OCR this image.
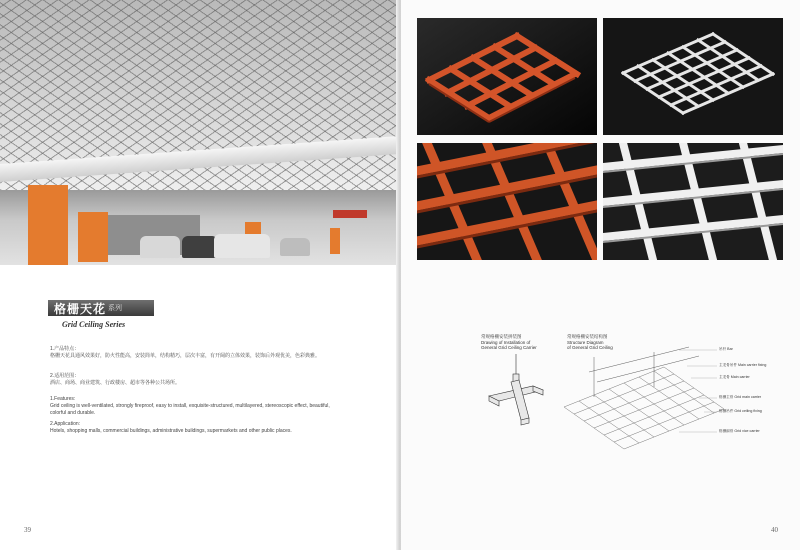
格栅天花 系列
Grid Ceiling Series

1.产品特点：

格栅天花具通风效果好，防火性能高，安装简单，结构精巧，层次丰富，有开阔的立体效果，装饰后外观优美，色彩典雅。

2.适用范围：

酒店、商场、商业建筑、行政楼房、超市等各种公共场所。

1.Features:

Grid ceiling is well-ventilated, strongly fireproof, easy to install, exquisite-structured, multilayered, stereoscopic effect, beautiful, colorful and durable.

2.Application:

Hotels, shopping malls, commercial buildings, administrative buildings, supermarkets and other public places.

39
常规格栅安装拼装图
Drawing of Installation of
General Grid Ceiling Carrier
常规格栅安装结构图
Structure Diagram
of General Grid Ceiling	吊杆 Bar
主龙骨吊件 Main carrier fixing
主龙骨 Main carrier
格栅主骨 Grid main carrier
格栅吊件 Grid ceiling fixing
格栅副骨 Grid vice carrier
40
